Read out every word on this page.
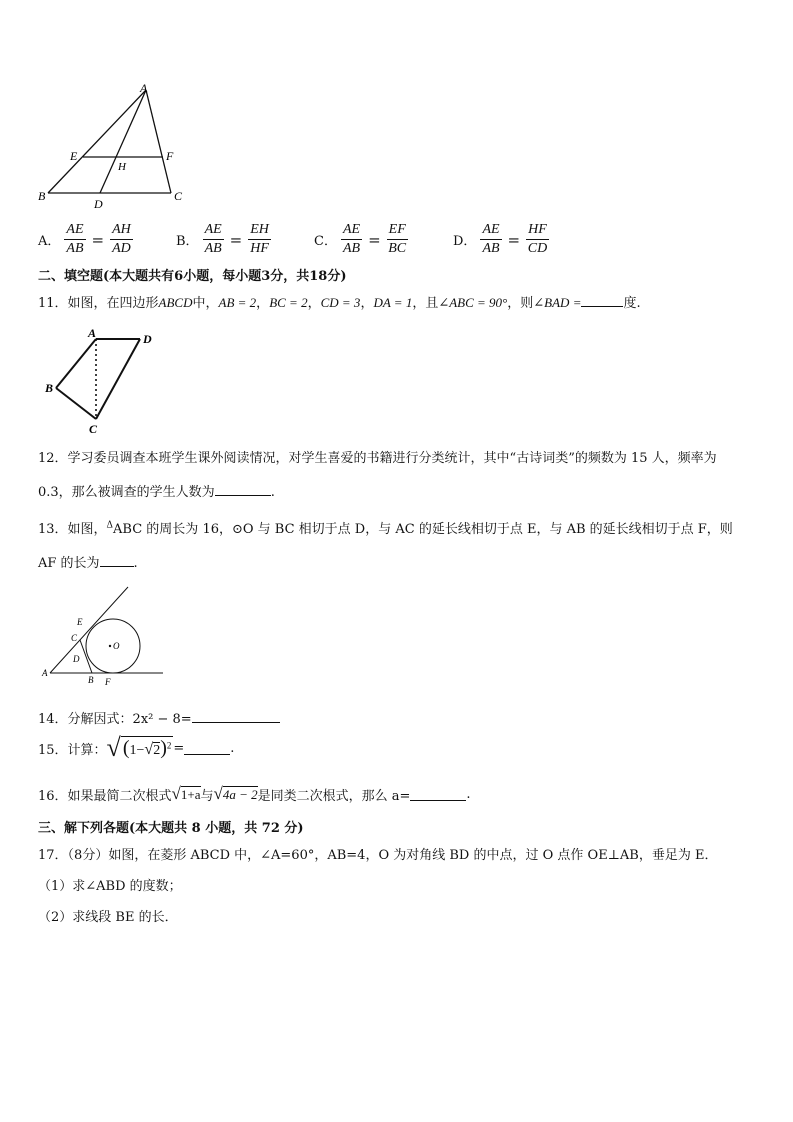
A
B	C
D
E	F
H
A． $\frac{AE}{AB} = \frac{AH}{AD}$	B． $\frac{AE}{AB} = \frac{EH}{HF}$	C． $\frac{AE}{AB} = \frac{EF}{BC}$	D． $\frac{AE}{AB} = \frac{HF}{CD}$
二、填空题(本大题共有6小题，每小题3分，共18分)
11．如图，在四边形ABCD中，AB = 2，BC = 2，CD = 3，DA = 1，且∠ABC = 90°，则∠BAD =	度.
A	D
B
C
12．学习委员调查本班学生课外阅读情况，对学生喜爱的书籍进行分类统计，其中“古诗词类”的频数为 15 人，频率为
0.3，那么被调查的学生人数为	.
13．如图，$^\Delta$ABC 的周长为 16，⊙O 与 BC 相切于点 D，与 AC 的延长线相切于点 E，与 AB 的延长线相切于点 F，则
AF 的长为	.
O
E
C
D
A
B F
14．分解因式：2x² − 8=
15．计算： √ $(1-√2)^2$ =	.
16．如果最简二次根式 √ 1+a 与 √ 4a − 2 是同类二次根式，那么 a=	.
三、解下列各题(本大题共 8 小题，共 72 分)
17．（8分）如图，在菱形 ABCD 中，∠A=60°，AB=4，O 为对角线 BD 的中点，过 O 点作 OE⊥AB，垂足为 E．
（1）求∠ABD 的度数；
（2）求线段 BE 的长．
